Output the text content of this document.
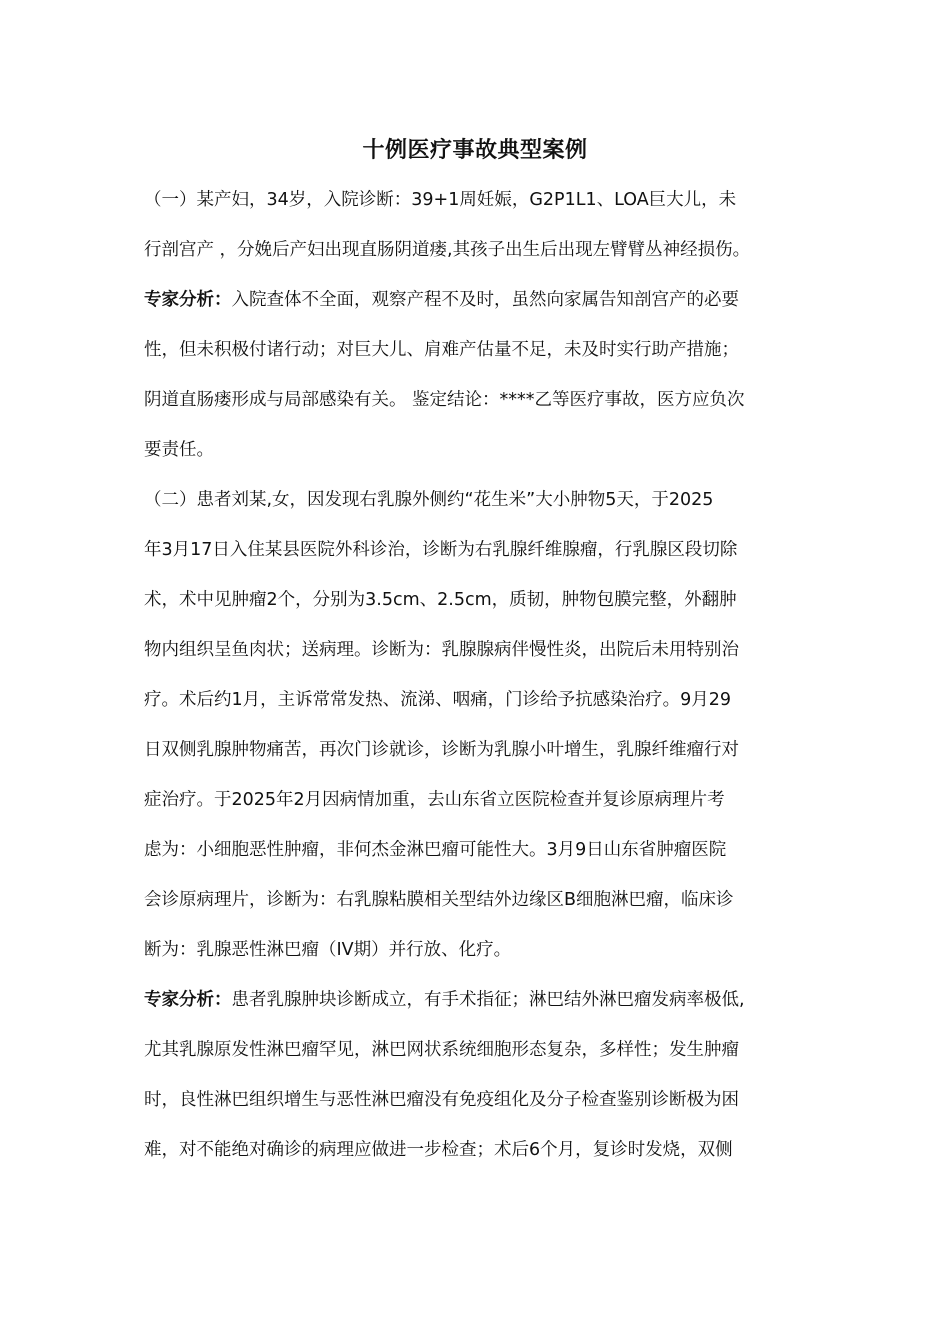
十例医疗事故典型案例
（一）某产妇，34岁，入院诊断：39+1周妊娠，G2P1L1、LOA巨大儿，未
行剖宫产 ，分娩后产妇出现直肠阴道瘘,其孩子出生后出现左臂臂丛神经损伤。
专家分析：入院查体不全面，观察产程不及时，虽然向家属告知剖宫产的必要
性，但未积极付诸行动；对巨大儿、肩难产估量不足，未及时实行助产措施；
阴道直肠瘘形成与局部感染有关。 鉴定结论：****乙等医疗事故，医方应负次
要责任。
（二）患者刘某,女，因发现右乳腺外侧约“花生米”大小肿物5天，于2025
年3月17日入住某县医院外科诊治，诊断为右乳腺纤维腺瘤，行乳腺区段切除
术，术中见肿瘤2个，分别为3.5cm、2.5cm，质韧，肿物包膜完整，外翻肿
物内组织呈鱼肉状；送病理。诊断为：乳腺腺病伴慢性炎，出院后未用特别治
疗。术后约1月，主诉常常发热、流涕、咽痛，门诊给予抗感染治疗。9月29
日双侧乳腺肿物痛苦，再次门诊就诊，诊断为乳腺小叶增生，乳腺纤维瘤行对
症治疗。于2025年2月因病情加重，去山东省立医院检查并复诊原病理片考
虑为：小细胞恶性肿瘤，非何杰金淋巴瘤可能性大。3月9日山东省肿瘤医院
会诊原病理片，诊断为：右乳腺粘膜相关型结外边缘区B细胞淋巴瘤，临床诊
断为：乳腺恶性淋巴瘤（IV期）并行放、化疗。
专家分析：患者乳腺肿块诊断成立，有手术指征；淋巴结外淋巴瘤发病率极低,
尤其乳腺原发性淋巴瘤罕见，淋巴网状系统细胞形态复杂，多样性；发生肿瘤
时，良性淋巴组织增生与恶性淋巴瘤没有免疫组化及分子检查鉴别诊断极为困
难，对不能绝对确诊的病理应做进一步检查；术后6个月，复诊时发烧，双侧
